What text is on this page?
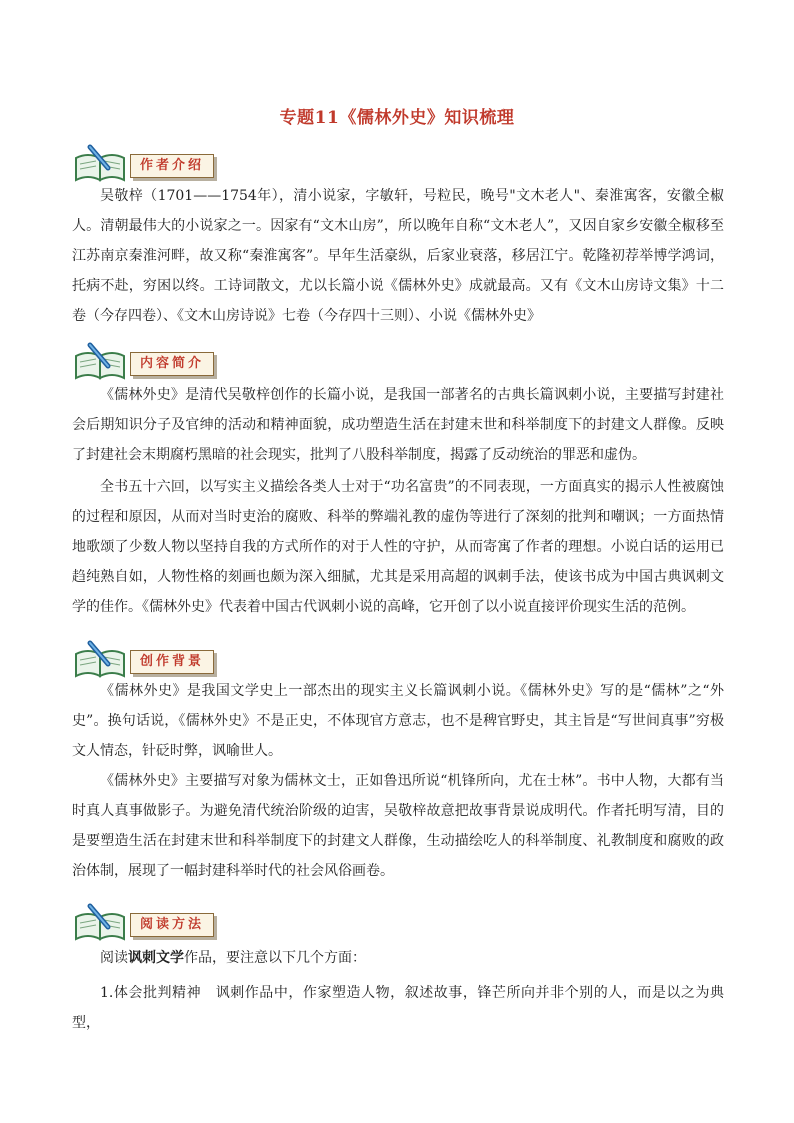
专题11《儒林外史》知识梳理
作者介绍

吴敬梓（1701——1754年），清小说家，字敏轩，号粒民，晚号"文木老人"、秦淮寓客，安徽全椒人。清朝最伟大的小说家之一。因家有“文木山房”，所以晚年自称“文木老人”，又因自家乡安徽全椒移至江苏南京秦淮河畔，故又称“秦淮寓客”。早年生活豪纵，后家业衰落，移居江宁。乾隆初荐举博学鸿词，托病不赴，穷困以终。工诗词散文，尤以长篇小说《儒林外史》成就最高。又有《文木山房诗文集》十二卷（今存四卷）、《文木山房诗说》七卷（今存四十三则）、小说《儒林外史》

内容简介

《儒林外史》是清代吴敬梓创作的长篇小说，是我国一部著名的古典长篇讽刺小说，主要描写封建社会后期知识分子及官绅的活动和精神面貌，成功塑造生活在封建末世和科举制度下的封建文人群像。反映了封建社会末期腐朽黑暗的社会现实，批判了八股科举制度，揭露了反动统治的罪恶和虚伪。

全书五十六回，以写实主义描绘各类人士对于“功名富贵”的不同表现，一方面真实的揭示人性被腐蚀的过程和原因，从而对当时吏治的腐败、科举的弊端礼教的虚伪等进行了深刻的批判和嘲讽；一方面热情地歌颂了少数人物以坚持自我的方式所作的对于人性的守护，从而寄寓了作者的理想。小说白话的运用已趋纯熟自如，人物性格的刻画也颇为深入细腻，尤其是采用高超的讽刺手法，使该书成为中国古典讽刺文学的佳作。《儒林外史》代表着中国古代讽刺小说的高峰，它开创了以小说直接评价现实生活的范例。

创作背景

《儒林外史》是我国文学史上一部杰出的现实主义长篇讽刺小说。《儒林外史》写的是“儒林”之“外史”。换句话说，《儒林外史》不是正史，不体现官方意志，也不是稗官野史，其主旨是“写世间真事”穷极文人情态，针砭时弊，讽喻世人。

《儒林外史》主要描写对象为儒林文士，正如鲁迅所说“机锋所向，尤在士林”。书中人物，大都有当时真人真事做影子。为避免清代统治阶级的迫害，吴敬梓故意把故事背景说成明代。作者托明写清，目的是要塑造生活在封建末世和科举制度下的封建文人群像，生动描绘吃人的科举制度、礼教制度和腐败的政治体制，展现了一幅封建科举时代的社会风俗画卷。

阅读方法

阅读讽刺文学作品，要注意以下几个方面：

1.体会批判精神　 讽刺作品中，作家塑造人物，叙述故事，锋芒所向并非个别的人，而是以之为典型，
